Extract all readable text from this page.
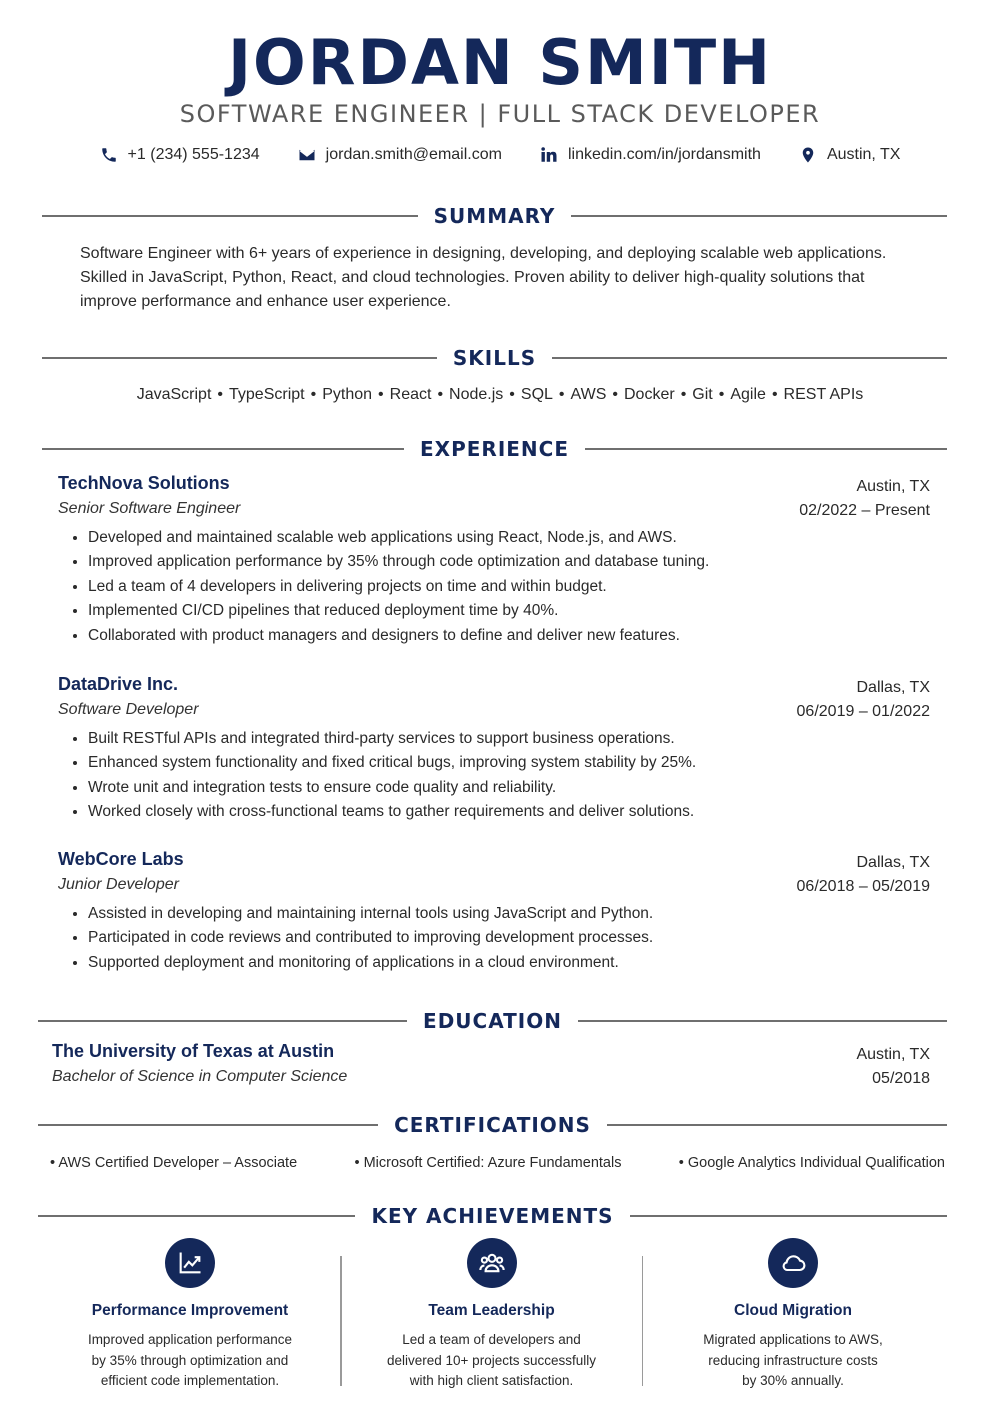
JORDAN SMITH
SOFTWARE ENGINEER | FULL STACK DEVELOPER
+1 (234) 555-1234	jordan.smith@email.com	linkedin.com/in/jordansmith	Austin, TX
SUMMARY
Software Engineer with 6+ years of experience in designing, developing, and deploying scalable web applications.
Skilled in JavaScript, Python, React, and cloud technologies. Proven ability to deliver high-quality solutions that
improve performance and enhance user experience.
SKILLS
JavaScript • TypeScript • Python • React • Node.js • SQL • AWS • Docker • Git • Agile • REST APIs
EXPERIENCE
TechNova Solutions
Senior Software Engineer
Austin, TX
02/2022 – Present
• Developed and maintained scalable web applications using React, Node.js, and AWS.
• Improved application performance by 35% through code optimization and database tuning.
• Led a team of 4 developers in delivering projects on time and within budget.
• Implemented CI/CD pipelines that reduced deployment time by 40%.
• Collaborated with product managers and designers to define and deliver new features.
DataDrive Inc.
Software Developer
Dallas, TX
06/2019 – 01/2022
• Built RESTful APIs and integrated third-party services to support business operations.
• Enhanced system functionality and fixed critical bugs, improving system stability by 25%.
• Wrote unit and integration tests to ensure code quality and reliability.
• Worked closely with cross-functional teams to gather requirements and deliver solutions.
WebCore Labs
Junior Developer
Dallas, TX
06/2018 – 05/2019
• Assisted in developing and maintaining internal tools using JavaScript and Python.
• Participated in code reviews and contributed to improving development processes.
• Supported deployment and monitoring of applications in a cloud environment.
EDUCATION
The University of Texas at Austin
Bachelor of Science in Computer Science
Austin, TX
05/2018
CERTIFICATIONS
• AWS Certified Developer – Associate	• Microsoft Certified: Azure Fundamentals	• Google Analytics Individual Qualification
KEY ACHIEVEMENTS
Performance Improvement
Improved application performance
by 35% through optimization and
efficient code implementation.
Team Leadership
Led a team of developers and
delivered 10+ projects successfully
with high client satisfaction.
Cloud Migration
Migrated applications to AWS,
reducing infrastructure costs
by 30% annually.
